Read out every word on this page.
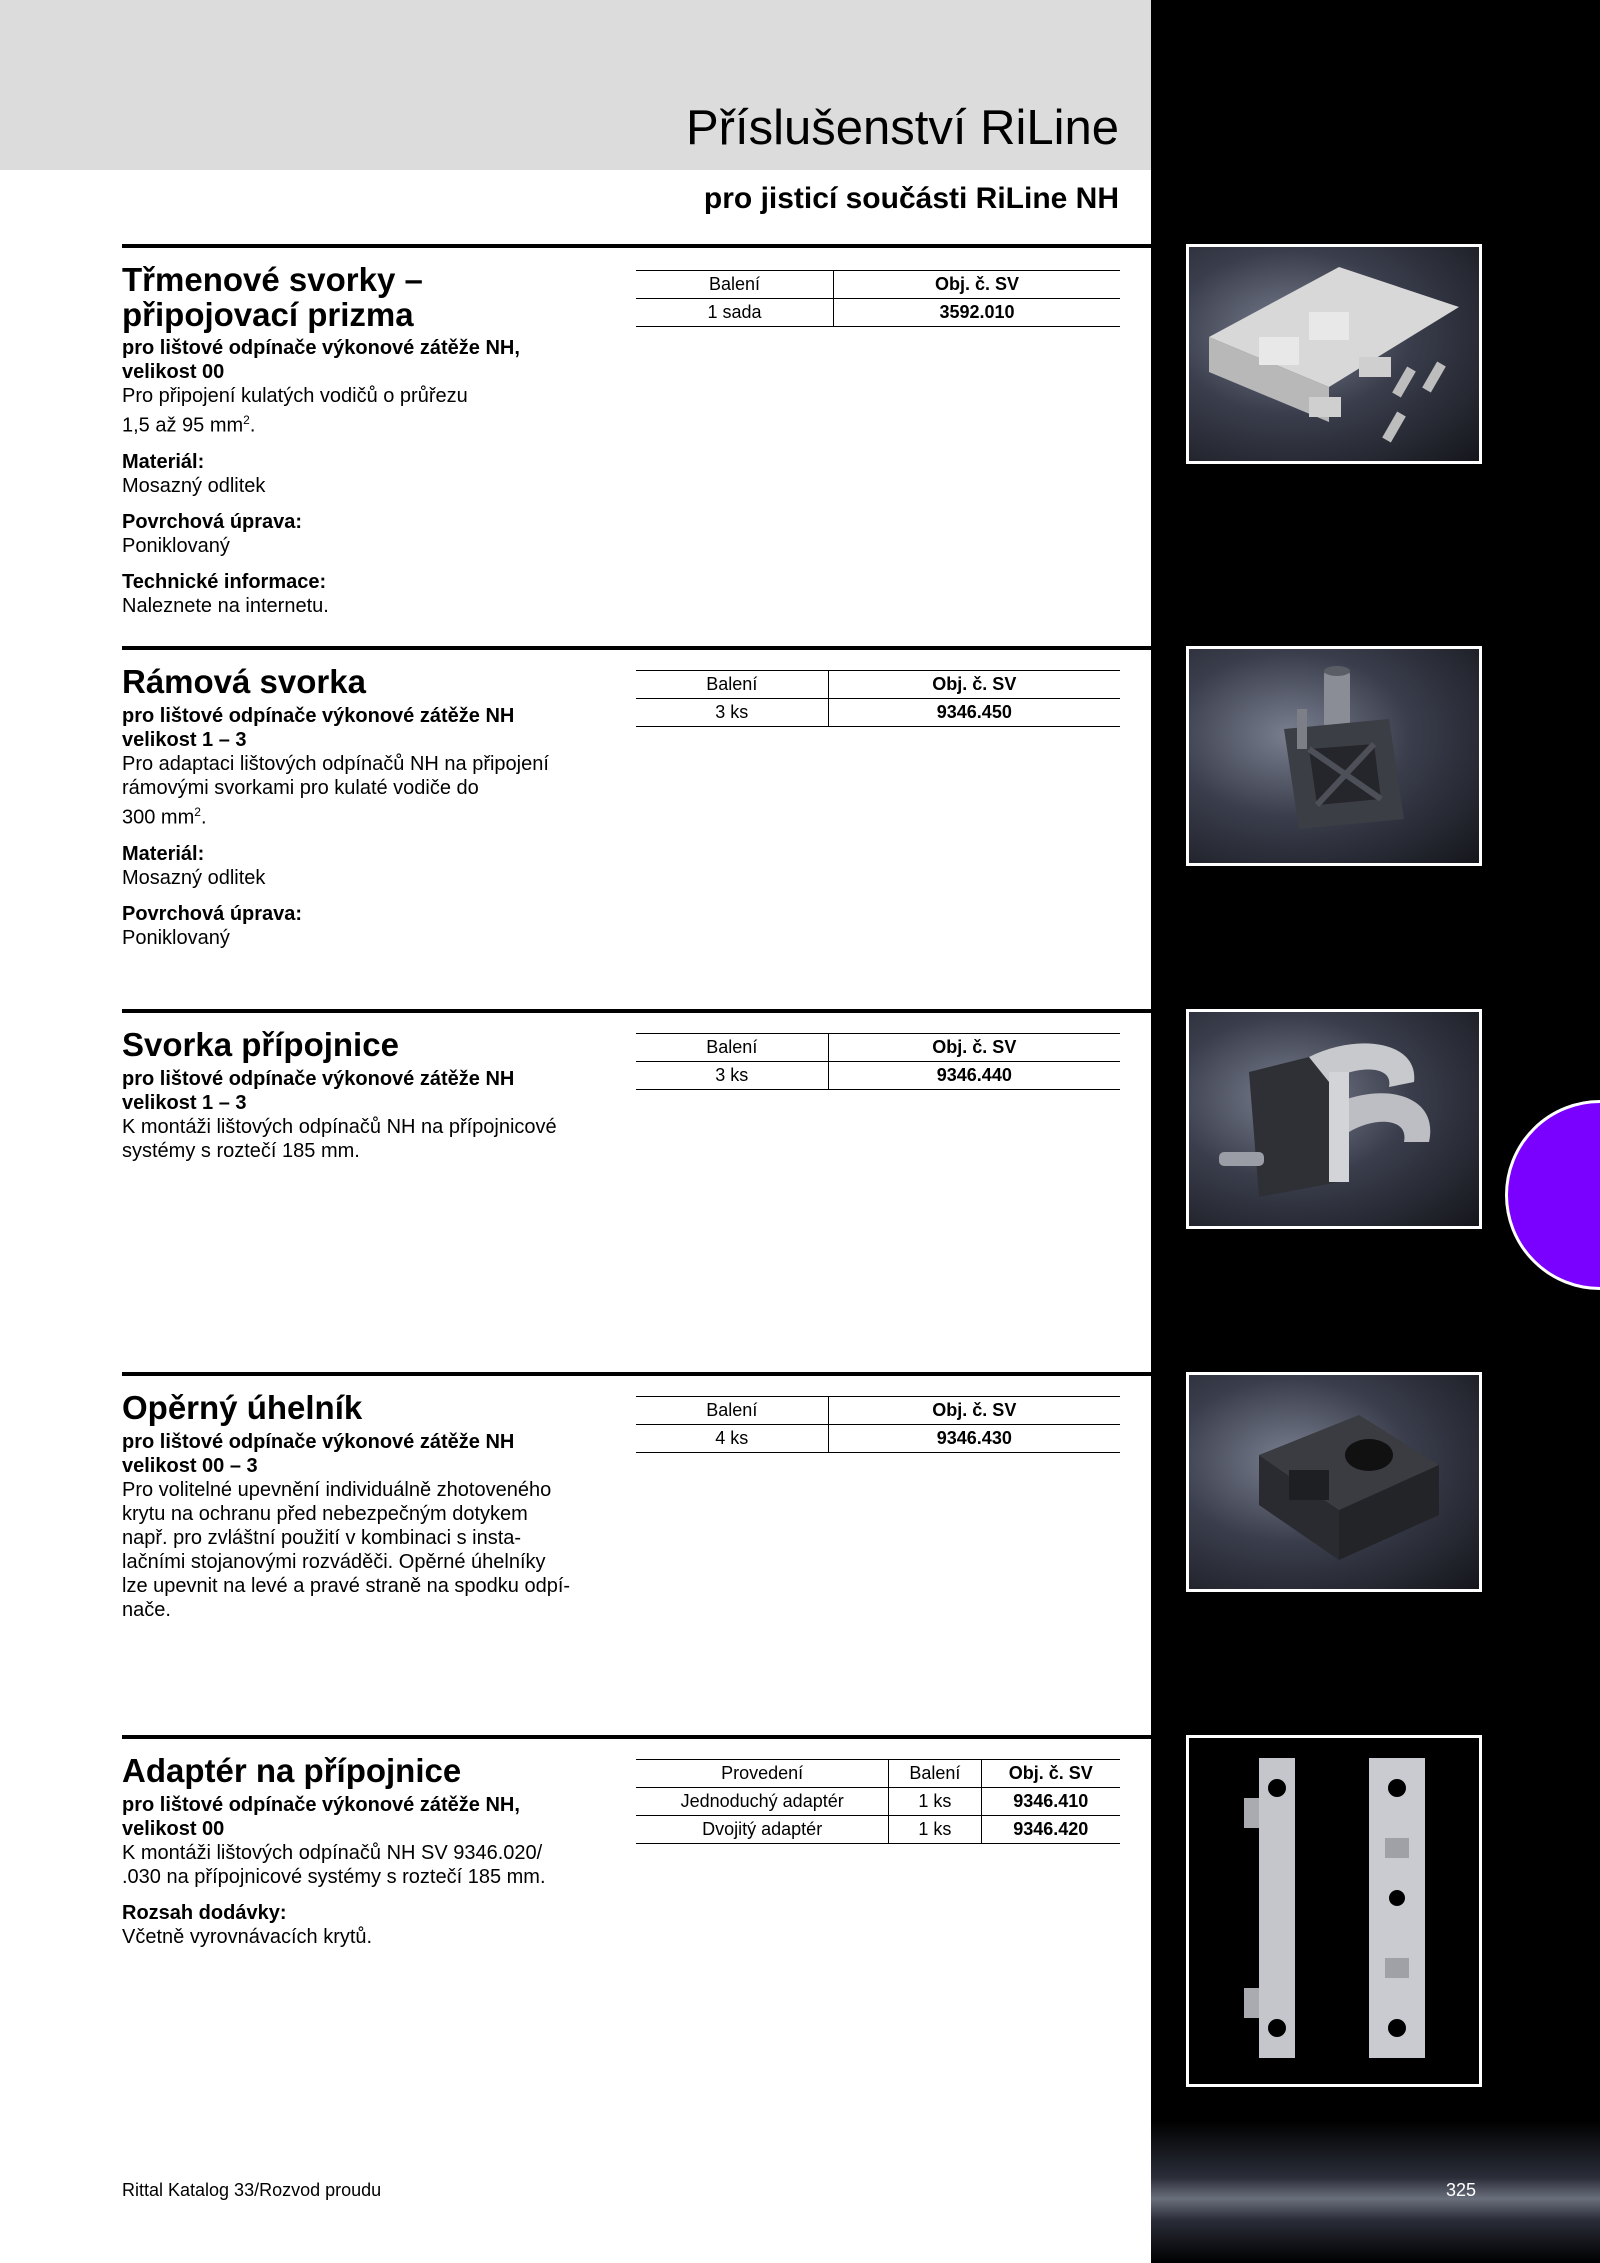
Příslušenství RiLine
pro jisticí součásti RiLine NH
Třmenové svorky –
připojovací prizma
pro lištové odpínače výkonové zátěže NH,
velikost 00
Pro připojení kulatých vodičů o průřezu
1,5 až 95 $mm^2$.
Materiál:
Mosazný odlitek
Povrchová úprava:
Poniklovaný
Technické informace:
Naleznete na internetu.
Balení	Obj. č. SV
1 sada	3592.010
Rámová svorka
pro lištové odpínače výkonové zátěže NH
velikost 1 – 3
Pro adaptaci lištových odpínačů NH na připojení
rámovými svorkami pro kulaté vodiče do
300 $mm^2$.
Materiál:
Mosazný odlitek
Povrchová úprava:
Poniklovaný
Balení	Obj. č. SV
3 ks	9346.450
Svorka přípojnice
pro lištové odpínače výkonové zátěže NH
velikost 1 – 3
K montáži lištových odpínačů NH na přípojnicové
systémy s roztečí 185 mm.
Balení	Obj. č. SV
3 ks	9346.440
Opěrný úhelník
pro lištové odpínače výkonové zátěže NH
velikost 00 – 3
Pro volitelné upevnění individuálně zhotoveného
krytu na ochranu před nebezpečným dotykem
např. pro zvláštní použití v kombinaci s insta-
lačními stojanovými rozváděči. Opěrné úhelníky
lze upevnit na levé a pravé straně na spodku odpí-
nače.
Balení	Obj. č. SV
4 ks	9346.430
Adaptér na přípojnice
pro lištové odpínače výkonové zátěže NH,
velikost 00
K montáži lištových odpínačů NH SV 9346.020/
.030 na přípojnicové systémy s roztečí 185 mm.
Rozsah dodávky:
Včetně vyrovnávacích krytů.
Provedení	Balení	Obj. č. SV
Jednoduchý adaptér	1 ks	9346.410
Dvojitý adaptér	1 ks	9346.420
Rittal Katalog 33/Rozvod proudu	325
